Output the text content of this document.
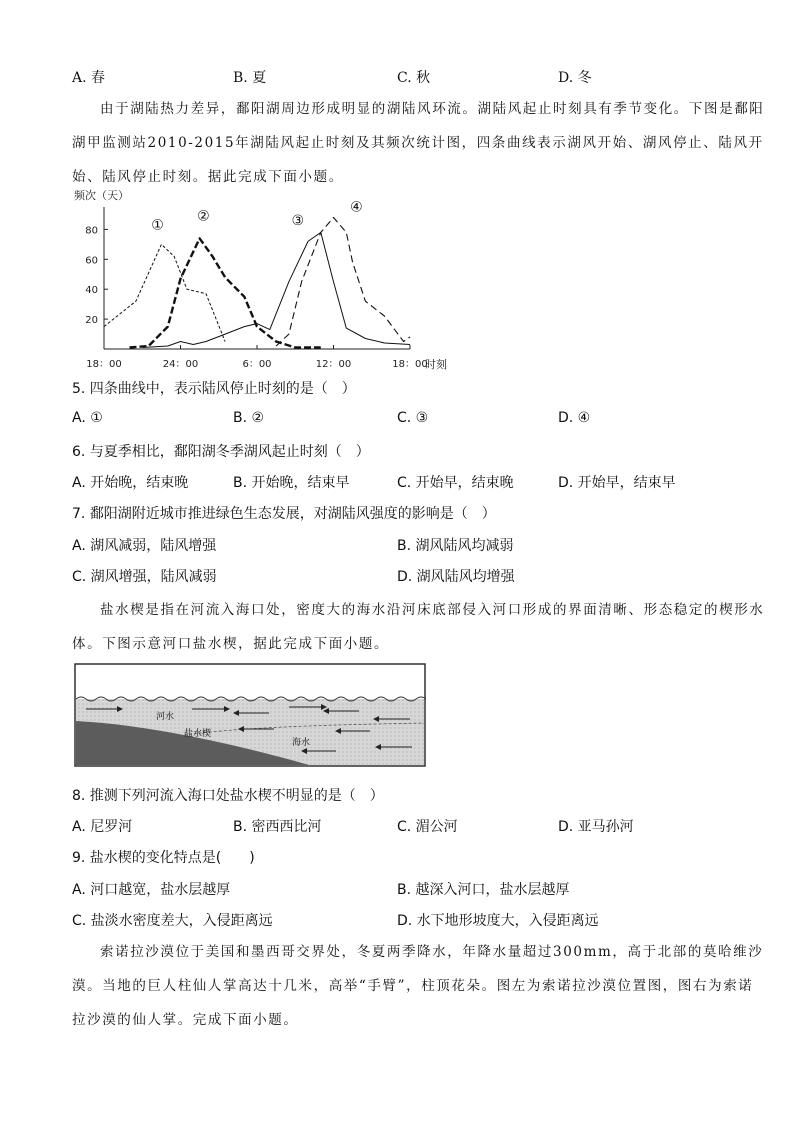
A. 春	B. 夏	C. 秋	D. 冬

由于湖陆热力差异，鄱阳湖周边形成明显的湖陆风环流。湖陆风起止时刻具有季节变化。下图是鄱阳

湖甲监测站2010-2015年湖陆风起止时刻及其频次统计图，四条曲线表示湖风开始、湖风停止、陆风开

始、陆风停止时刻。据此完成下面小题。

频次（天）
20
40
60
80
18：00	24：00	6：00	12：00	18：00
①
②	③
④
时刻
5. 四条曲线中，表示陆风停止时刻的是（　）
A. ①	B. ②	C. ③	D. ④
6. 与夏季相比，鄱阳湖冬季湖风起止时刻（　）
A. 开始晚，结束晚	B. 开始晚，结束早	C. 开始早，结束晚	D. 开始早，结束早
7. 鄱阳湖附近城市推进绿色生态发展，对湖陆风强度的影响是（　）
A. 湖风减弱，陆风增强	B. 湖风陆风均减弱
C. 湖风增强，陆风减弱	D. 湖风陆风均增强

盐水楔是指在河流入海口处，密度大的海水沿河床底部侵入河口形成的界面清晰、形态稳定的楔形水

体。下图示意河口盐水楔，据此完成下面小题。

河水
盐水楔
海水
8. 推测下列河流入海口处盐水楔不明显的是（　）
A. 尼罗河	B. 密西西比河	C. 湄公河	D. 亚马孙河
9. 盐水楔的变化特点是(　　)
A. 河口越宽，盐水层越厚	B. 越深入河口，盐水层越厚
C. 盐淡水密度差大，入侵距离远	D. 水下地形坡度大，入侵距离远

索诺拉沙漠位于美国和墨西哥交界处，冬夏两季降水，年降水量超过300mm，高于北部的莫哈维沙

漠。当地的巨人柱仙人掌高达十几米，高举“手臂”，柱顶花朵。图左为索诺拉沙漠位置图，图右为索诺

拉沙漠的仙人掌。完成下面小题。
